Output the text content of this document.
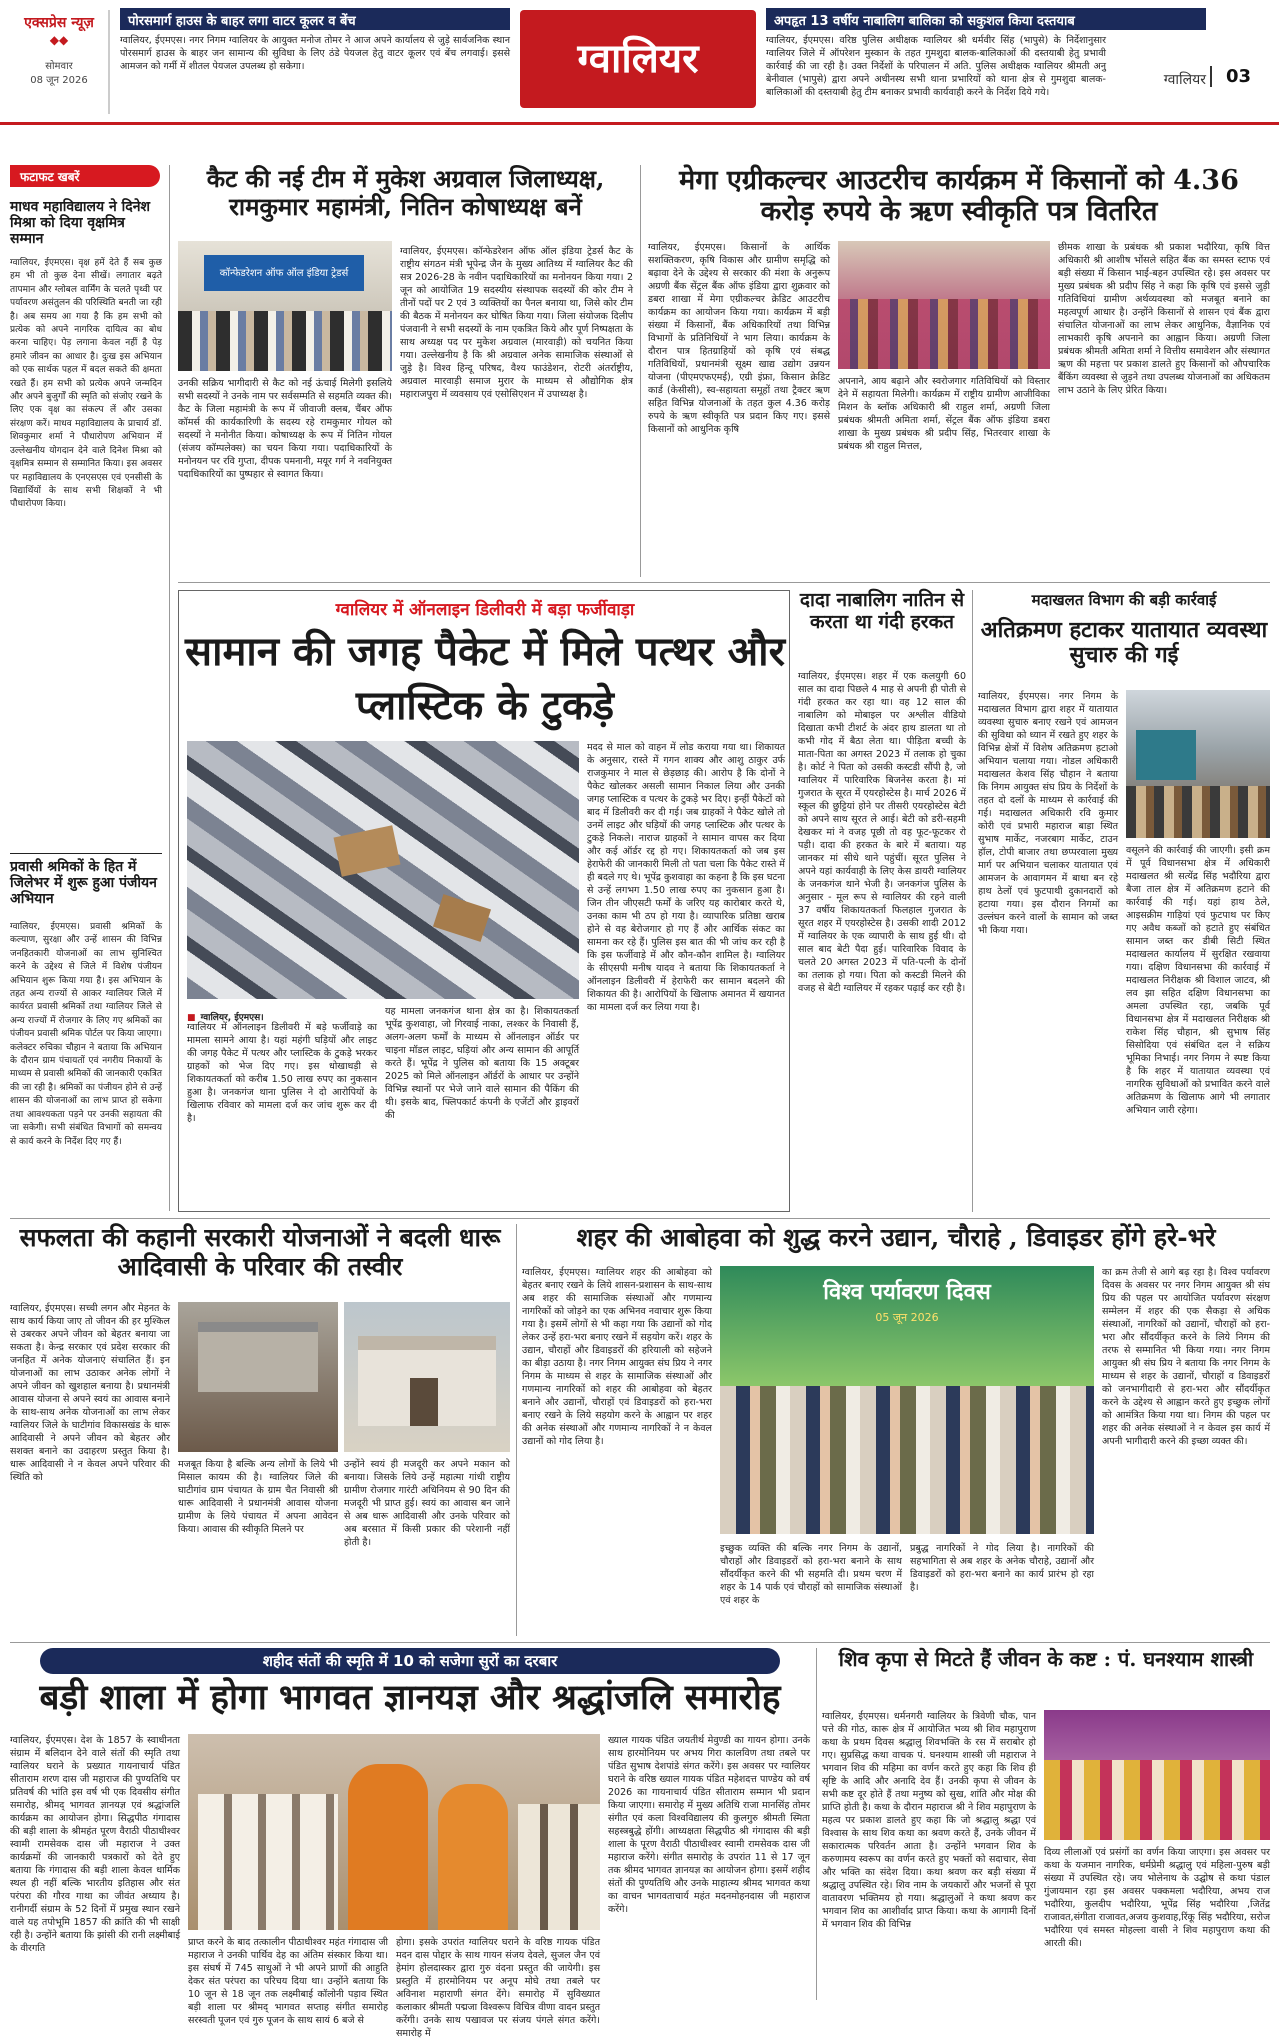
एक्सप्रेस न्यूज़
◆◆
सोमवार
08 जून 2026
पोरसमार्ग हाउस के बाहर लगा वाटर कूलर व बेंच
ग्वालियर, ईएमएस। नगर निगम ग्वालियर के आयुक्त मनोज तोमर ने आज अपने कार्यालय से जुड़े सार्वजनिक स्थान पोरसमार्ग हाउस के बाहर जन सामान्य की सुविधा के लिए ठंडे पेयजल हेतु वाटर कूलर एवं बेंच लगवाई। इससे आमजन को गर्मी में शीतल पेयजल उपलब्ध हो सकेगा।	ग्वालियर
अपहृत 13 वर्षीय नाबालिग बालिका को सकुशल किया दस्तयाब
ग्वालियर, ईएमएस। वरिष्ठ पुलिस अधीक्षक ग्वालियर श्री धर्मवीर सिंह (भापुसे) के निर्देशानुसार ग्वालियर जिले में ऑपरेशन मुस्कान के तहत गुमशुदा बालक-बालिकाओं की दस्तयाबी हेतु प्रभावी कार्रवाई की जा रही है। उक्त निर्देशों के परिपालन में अति. पुलिस अधीक्षक ग्वालियर श्रीमती अनु बेनीवाल (भापुसे) द्वारा अपने अधीनस्थ सभी थाना प्रभारियों को थाना क्षेत्र से गुमशुदा बालक-बालिकाओं की दस्तयाबी हेतु टीम बनाकर प्रभावी कार्यवाही करने के निर्देश दिये गये।
ग्वालियर	03
फटाफट खबरें
माधव महाविद्यालय ने दिनेश मिश्रा को दिया वृक्षमित्र सम्मान
ग्वालियर, ईएमएस। वृक्ष हमें देते हैं सब कुछ हम भी तो कुछ देना सीखें। लगातार बढ़ते तापमान और ग्लोबल वार्मिंग के चलते पृथ्वी पर पर्यावरण असंतुलन की परिस्थिति बनती जा रही है। अब समय आ गया है कि हम सभी को प्रत्येक को अपने नागरिक दायित्व का बोध करना चाहिए। पेड़ लगाना केवल नहीं है पेड़ हमारे जीवन का आधार है। दुःख इस अभियान को एक सार्थक पहल में बदल सकते की क्षमता रखते हैं। हम सभी को प्रत्येक अपने जन्मदिन और अपने बुजुर्गों की स्मृति को संजोए रखने के लिए एक वृक्ष का संकल्प लें और उसका संरक्षण करें। माधव महाविद्यालय के प्राचार्य डॉ. शिवकुमार शर्मा ने पौधारोपण अभियान में उल्लेखनीय योगदान देने वाले दिनेश मिश्रा को वृक्षमित्र सम्मान से सम्मानित किया। इस अवसर पर महाविद्यालय के एनएसएस एवं एनसीसी के विद्यार्थियों के साथ सभी शिक्षकों ने भी पौधारोपण किया।
प्रवासी श्रमिकों के हित में जिलेभर में शुरू हुआ पंजीयन अभियान
ग्वालियर, ईएमएस। प्रवासी श्रमिकों के कल्याण, सुरक्षा और उन्हें शासन की विभिन्न जनहितकारी योजनाओं का लाभ सुनिश्चित करने के उद्देश्य से जिले में विशेष पंजीयन अभियान शुरू किया गया है। इस अभियान के तहत अन्य राज्यों से आकर ग्वालियर जिले में कार्यरत प्रवासी श्रमिकों तथा ग्वालियर जिले से अन्य राज्यों में रोजगार के लिए गए श्रमिकों का पंजीयन प्रवासी श्रमिक पोर्टल पर किया जाएगा। कलेक्टर रुचिका चौहान ने बताया कि अभियान के दौरान ग्राम पंचायतों एवं नगरीय निकायों के माध्यम से प्रवासी श्रमिकों की जानकारी एकत्रित की जा रही है। श्रमिकों का पंजीयन होने से उन्हें शासन की योजनाओं का लाभ प्राप्त हो सकेगा तथा आवश्यकता पड़ने पर उनकी सहायता की जा सकेगी। सभी संबंधित विभागों को समन्वय से कार्य करने के निर्देश दिए गए हैं।
कैट की नई टीम में मुकेश अग्रवाल जिलाध्यक्ष, रामकुमार महामंत्री, नितिन कोषाध्यक्ष बनें
कॉन्फेडरेशन ऑफ ऑल इंडिया ट्रेडर्स
ग्वालियर, ईएमएस। कॉन्फेडरेशन ऑफ ऑल इंडिया ट्रेडर्स कैट के राष्ट्रीय संगठन मंत्री भूपेन्द्र जैन के मुख्य आतिथ्य में ग्वालियर कैट की सत्र 2026-28 के नवीन पदाधिकारियों का मनोनयन किया गया। 2 जून को आयोजित 19 सदस्यीय संस्थापक सदस्यों की कोर टीम ने तीनों पदों पर 2 एवं 3 व्यक्तियों का पैनल बनाया था, जिसे कोर टीम की बैठक में मनोनयन कर घोषित किया गया। जिला संयोजक दिलीप पंजवानी ने सभी सदस्यों के नाम एकत्रित किये और पूर्ण निष्पक्षता के साथ अध्यक्ष पद पर मुकेश अग्रवाल (मारवाड़ी) को चयनित किया गया। उल्लेखनीय है कि श्री अग्रवाल अनेक सामाजिक संस्थाओं से जुड़े है। विश्व हिन्दू परिषद, वैश्य फाउंडेशन, रोटरी अंतर्राष्ट्रीय, अग्रवाल मारवाड़ी समाज मुरार के माध्यम से औद्योगिक क्षेत्र महाराजपुरा में व्यवसाय एवं एसोसिएशन में उपाध्यक्ष है।
उनकी सक्रिय भागीदारी से कैट को नई ऊंचाई मिलेगी इसलिये सभी सदस्यों ने उनके नाम पर सर्वसम्मति से सहमति व्यक्त की। कैट के जिला महामंत्री के रूप में जीवाजी क्लब, चैंबर ऑफ कॉमर्स की कार्यकारिणी के सदस्य रहे रामकुमार गोयल को सदस्यों ने मनोनीत किया। कोषाध्यक्ष के रूप में नितिन गोयल (संजय कॉम्पलेक्स) का चयन किया गया। पदाधिकारियों के मनोनयन पर रवि गुप्ता, दीपक पमनानी, मयूर गर्ग ने नवनियुक्त पदाधिकारियों का पुष्पहार से स्वागत किया।
मेगा एग्रीकल्चर आउटरीच कार्यक्रम में किसानों को 4.36 करोड़ रुपये के ऋण स्वीकृति पत्र वितरित
ग्वालियर, ईएमएस। किसानों के आर्थिक सशक्तिकरण, कृषि विकास और ग्रामीण समृद्धि को बढ़ावा देने के उद्देश्य से सरकार की मंशा के अनुरूप अग्रणी बैंक सेंट्रल बैंक ऑफ इंडिया द्वारा शुक्रवार को डबरा शाखा में मेगा एग्रीकल्चर क्रेडिट आउटरीच कार्यक्रम का आयोजन किया गया। कार्यक्रम में बड़ी संख्या में किसानों, बैंक अधिकारियों तथा विभिन्न विभागों के प्रतिनिधियों ने भाग लिया। कार्यक्रम के दौरान पात्र हितग्राहियों को कृषि एवं संबद्ध गतिविधियों, प्रधानमंत्री सूक्ष्म खाद्य उद्योग उन्नयन योजना (पीएमएफएमई), एग्री इंफ्रा, किसान क्रेडिट कार्ड (केसीसी), स्व-सहायता समूहों तथा ट्रैक्टर ऋण सहित विभिन्न योजनाओं के तहत कुल 4.36 करोड़ रुपये के ऋण स्वीकृति पत्र प्रदान किए गए। इससे किसानों को आधुनिक कृषि
अपनाने, आय बढ़ाने और स्वरोजगार गतिविधियों को विस्तार देने में सहायता मिलेगी। कार्यक्रम में राष्ट्रीय ग्रामीण आजीविका मिशन के ब्लॉक अधिकारी श्री राहुल शर्मा, अग्रणी जिला प्रबंधक श्रीमती अमिता शर्मा, सेंट्रल बैंक ऑफ इंडिया डबरा शाखा के मुख्य प्रबंधक श्री प्रदीप सिंह, भितरवार शाखा के प्रबंधक श्री राहुल मित्तल,
छीमक शाखा के प्रबंधक श्री प्रकाश भदौरिया, कृषि वित्त अधिकारी श्री आशीष भोंसले सहित बैंक का समस्त स्टाफ एवं बड़ी संख्या में किसान भाई-बहन उपस्थित रहे। इस अवसर पर मुख्य प्रबंधक श्री प्रदीप सिंह ने कहा कि कृषि एवं इससे जुड़ी गतिविधियां ग्रामीण अर्थव्यवस्था को मजबूत बनाने का महत्वपूर्ण आधार है। उन्होंने किसानों से शासन एवं बैंक द्वारा संचालित योजनाओं का लाभ लेकर आधुनिक, वैज्ञानिक एवं लाभकारी कृषि अपनाने का आह्वान किया। अग्रणी जिला प्रबंधक श्रीमती अमिता शर्मा ने वित्तीय समावेशन और संस्थागत ऋण की महत्ता पर प्रकाश डालते हुए किसानों को औपचारिक बैंकिंग व्यवस्था से जुड़ने तथा उपलब्ध योजनाओं का अधिकतम लाभ उठाने के लिए प्रेरित किया।
ग्वालियर में ऑनलाइन डिलीवरी में बड़ा फर्जीवाड़ा
सामान की जगह पैकेट में मिले पत्थर और प्लास्टिक के टुकड़े
■ ग्वालियर, ईएमएस।
ग्वालियर में ऑनलाइन डिलीवरी में बड़े फर्जीवाड़े का मामला सामने आया है। यहां महंगी घड़ियों और लाइट की जगह पैकेट में पत्थर और प्लास्टिक के टुकड़े भरकर ग्राहकों को भेज दिए गए। इस धोखाधड़ी से शिकायतकर्ता को करीब 1.50 लाख रुपए का नुकसान हुआ है। जनकगंज थाना पुलिस ने दो आरोपियों के खिलाफ रविवार को मामला दर्ज कर जांच शुरू कर दी है।
यह मामला जनकगंज थाना क्षेत्र का है। शिकायतकर्ता भूपेंद्र कुशवाहा, जो गिरवाई नाका, लश्कर के निवासी हैं, अलग-अलग फर्मों के माध्यम से ऑनलाइन ऑर्डर पर चाइना मॉडल लाइट, घड़ियां और अन्य सामान की आपूर्ति करते हैं। भूपेंद्र ने पुलिस को बताया कि 15 अक्टूबर 2025 को मिले ऑनलाइन ऑर्डरों के आधार पर उन्होंने विभिन्न स्थानों पर भेजे जाने वाले सामान की पैकिंग की थी। इसके बाद, फ्लिपकार्ट कंपनी के एजेंटों और ड्राइवरों की
मदद से माल को वाहन में लोड कराया गया था। शिकायत के अनुसार, रास्ते में गगन शाक्य और आशु ठाकुर उर्फ राजकुमार ने माल से छेड़छाड़ की। आरोप है कि दोनों ने पैकेट खोलकर असली सामान निकाल लिया और उनकी जगह प्लास्टिक व पत्थर के टुकड़े भर दिए। इन्हीं पैकेटों को बाद में डिलीवरी कर दी गई। जब ग्राहकों ने पैकेट खोले तो उनमें लाइट और घड़ियों की जगह प्लास्टिक और पत्थर के टुकड़े निकले। नाराज ग्राहकों ने सामान वापस कर दिया और कई ऑर्डर रद्द हो गए। शिकायतकर्ता को जब इस हेराफेरी की जानकारी मिली तो पता चला कि पैकेट रास्ते में ही बदले गए थे। भूपेंद्र कुशवाहा का कहना है कि इस घटना से उन्हें लगभग 1.50 लाख रुपए का नुकसान हुआ है। जिन तीन जीएसटी फर्मों के जरिए यह कारोबार करते थे, उनका काम भी ठप हो गया है। व्यापारिक प्रतिष्ठा खराब होने से वह बेरोजगार हो गए हैं और आर्थिक संकट का सामना कर रहे हैं। पुलिस इस बात की भी जांच कर रही है कि इस फर्जीवाड़े में और कौन-कौन शामिल है। ग्वालियर के सीएसपी मनीष यादव ने बताया कि शिकायतकर्ता ने ऑनलाइन डिलीवरी में हेराफेरी कर सामान बदलने की शिकायत की है। आरोपियों के खिलाफ अमानत में खयानत का मामला दर्ज कर लिया गया है।
दादा नाबालिग नातिन से करता था गंदी हरकत
ग्वालियर, ईएमएस। शहर में एक कलयुगी 60 साल का दादा पिछले 4 माह से अपनी ही पोती से गंदी हरकत कर रहा था। वह 12 साल की नाबालिग को मोबाइल पर अश्लील वीडियो दिखाता कभी टीशर्ट के अंदर हाथ डालता था तो कभी गोद में बैठा लेता था। पीड़िता बच्ची के माता-पिता का अगस्त 2023 में तलाक हो चुका है। कोर्ट ने पिता को उसकी कस्टडी सौंपी है, जो ग्वालियर में पारिवारिक बिजनेस करता है। मां गुजरात के सूरत में एयरहोस्टेस है। मार्च 2026 में स्कूल की छुट्टियां होने पर तीसरी एयरहोस्टेस बेटी को अपने साथ सूरत ले आई। बेटी को डरी-सहमी देखकर मां ने वजह पूछी तो वह फूट-फूटकर रो पड़ी। दादा की हरकत के बारे में बताया। यह जानकर मां सीधे थाने पहुंचीं। सूरत पुलिस ने अपने यहां कार्यवाही के लिए केस डायरी ग्वालियर के जनकगंज थाने भेजी है। जनकगंज पुलिस के अनुसार - मूल रूप से ग्वालियर की रहने वाली 37 वर्षीय शिकायतकर्ता फिलहाल गुजरात के सूरत शहर में एयरहोस्टेस है। उसकी शादी 2012 में ग्वालियर के एक व्यापारी के साथ हुई थी। दो साल बाद बेटी पैदा हुई। पारिवारिक विवाद के चलते 20 अगस्त 2023 में पति-पत्नी के दोनों का तलाक हो गया। पिता को कस्टडी मिलने की वजह से बेटी ग्वालियर में रहकर पढ़ाई कर रही है।
मदाखलत विभाग की बड़ी कार्रवाई
अतिक्रमण हटाकर यातायात व्यवस्था सुचारु की गई
ग्वालियर, ईएमएस। नगर निगम के मदाखलत विभाग द्वारा शहर में यातायात व्यवस्था सुचारु बनाए रखने एवं आमजन की सुविधा को ध्यान में रखते हुए शहर के विभिन्न क्षेत्रों में विशेष अतिक्रमण हटाओ अभियान चलाया गया। नोडल अधिकारी मदाखलत केशव सिंह चौहान ने बताया कि निगम आयुक्त संघ प्रिय के निर्देशों के तहत दो दलों के माध्यम से कार्रवाई की गई। मदाखलत अधिकारी रवि कुमार कोरी एवं प्रभारी महाराज बाड़ा स्थित सुभाष मार्केट, नजरबाग मार्केट, टाउन हॉल, टोपी बाजार तथा छप्परवाला मुख्य मार्ग पर अभियान चलाकर यातायात एवं आमजन के आवागमन में बाधा बन रहे हाथ ठेलों एवं फुटपाथी दुकानदारों को हटाया गया। इस दौरान निगमों का उल्लंघन करने वालों के सामान को जब्त भी किया गया।
वसूलने की कार्रवाई की जाएगी। इसी क्रम में पूर्व विधानसभा क्षेत्र में अधिकारी मदाखलत श्री सत्येंद्र सिंह भदौरिया द्वारा बैजा ताल क्षेत्र में अतिक्रमण हटाने की कार्रवाई की गई। यहां हाथ ठेले, आइसक्रीम गाड़ियां एवं फुटपाथ पर किए गए अवैध कब्जों को हटाते हुए संबंधित सामान जब्त कर डीबी सिटी स्थित मदाखलत कार्यालय में सुरक्षित रखवाया गया। दक्षिण विधानसभा की कार्रवाई में मदाखलत निरीक्षक श्री विशाल जाटव, श्री लव झा सहित दक्षिण विधानसभा का अमला उपस्थित रहा, जबकि पूर्व विधानसभा क्षेत्र में मदाखलत निरीक्षक श्री राकेश सिंह चौहान, श्री सुभाष सिंह सिसोदिया एवं संबंधित दल ने सक्रिय भूमिका निभाई। नगर निगम ने स्पष्ट किया है कि शहर में यातायात व्यवस्था एवं नागरिक सुविधाओं को प्रभावित करने वाले अतिक्रमण के खिलाफ आगे भी लगातार अभियान जारी रहेगा।
सफलता की कहानी सरकारी योजनाओं ने बदली धारू आदिवासी के परिवार की तस्वीर
ग्वालियर, ईएमएस। सच्ची लगन और मेहनत के साथ कार्य किया जाए तो जीवन की हर मुश्किल से उबरकर अपने जीवन को बेहतर बनाया जा सकता है। केन्द्र सरकार एवं प्रदेश सरकार की जनहित में अनेक योजनाएं संचालित हैं। इन योजनाओं का लाभ उठाकर अनेक लोगों ने अपने जीवन को खुशहाल बनाया है। प्रधानमंत्री आवास योजना से अपने स्वयं का आवास बनाने के साथ-साथ अनेक योजनाओं का लाभ लेकर ग्वालियर जिले के घाटीगांव विकासखंड के धारू आदिवासी ने अपने जीवन को बेहतर और सशक्त बनाने का उदाहरण प्रस्तुत किया है। धारू आदिवासी ने न केवल अपने परिवार की स्थिति को
मजबूत किया है बल्कि अन्य लोगों के लिये भी मिसाल कायम की है। ग्वालियर जिले की घाटीगांव ग्राम पंचायत के ग्राम चैत निवासी श्री धारू आदिवासी ने प्रधानमंत्री आवास योजना ग्रामीण के लिये पंचायत में अपना आवेदन किया। आवास की स्वीकृति मिलने पर
उन्होंने स्वयं ही मजदूरी कर अपने मकान को बनाया। जिसके लिये उन्हें महात्मा गांधी राष्ट्रीय ग्रामीण रोजगार गारंटी अधिनियम से 90 दिन की मजदूरी भी प्राप्त हुई। स्वयं का आवास बन जाने से अब धारू आदिवासी और उनके परिवार को अब बरसात में किसी प्रकार की परेशानी नहीं होती है।
शहर की आबोहवा को शुद्ध करने उद्यान, चौराहे , डिवाइडर होंगे हरे-भरे
ग्वालियर, ईएमएस। ग्वालियर शहर की आबोहवा को बेहतर बनाए रखने के लिये शासन-प्रशासन के साथ-साथ अब शहर की सामाजिक संस्थाओं और गणमान्य नागरिकों को जोड़ने का एक अभिनव नवाचार शुरू किया गया है। इसमें लोगों से भी कहा गया कि उद्यानों को गोद लेकर उन्हें हरा-भरा बनाए रखने में सहयोग करें। शहर के उद्यान, चौराहों और डिवाइडरों की हरियाली को सहेजने का बीड़ा उठाया है। नगर निगम आयुक्त संघ प्रिय ने नगर निगम के माध्यम से शहर के सामाजिक संस्थाओं और गणमान्य नागरिकों को शहर की आबोहवा को बेहतर बनाने और उद्यानों, चौराहों एवं डिवाइडरों को हरा-भरा बनाए रखने के लिये सहयोग करने के आह्वान पर शहर की अनेक संस्थाओं और गणमान्य नागरिकों ने न केवल उद्यानों को गोद लिया है।
विश्व पर्यावरण दिवस
05 जून 2026
इच्छुक व्यक्ति की बल्कि नगर निगम के उद्यानों, चौराहों और डिवाइडरों को हरा-भरा बनाने के साथ सौंदर्यीकृत करने की भी सहमति दी। प्रथम चरण में शहर के 14 पार्क एवं चौराहों को सामाजिक संस्थाओं एवं शहर के
प्रबुद्ध नागरिकों ने गोद लिया है। नागरिकों की सहभागिता से अब शहर के अनेक चौराहे, उद्यानों और डिवाइडरों को हरा-भरा बनाने का कार्य प्रारंभ हो रहा है।
का क्रम तेजी से आगे बढ़ रहा है। विश्व पर्यावरण दिवस के अवसर पर नगर निगम आयुक्त श्री संघ प्रिय की पहल पर आयोजित पर्यावरण संरक्षण सम्मेलन में शहर की एक सैकड़ा से अधिक संस्थाओं, नागरिकों को उद्यानों, चौराहों को हरा-भरा और सौंदर्यीकृत करने के लिये निगम की तरफ से सम्मानित भी किया गया। नगर निगम आयुक्त श्री संघ प्रिय ने बताया कि नगर निगम के माध्यम से शहर के उद्यानों, चौराहों व डिवाइडरों को जनभागीदारी से हरा-भरा और सौंदर्यीकृत करने के उद्देश्य से आह्वान करते हुए इच्छुक लोगों को आमंत्रित किया गया था। निगम की पहल पर शहर की अनेक संस्थाओं ने न केवल इस कार्य में अपनी भागीदारी करने की इच्छा व्यक्त की।
शहीद संतों की स्मृति में 10 को सजेगा सुरों का दरबार
बड़ी शाला में होगा भागवत ज्ञानयज्ञ और श्रद्धांजलि समारोह
ग्वालियर, ईएमएस। देश के 1857 के स्वाधीनता संग्राम में बलिदान देने वाले संतों की स्मृति तथा ग्वालियर घराने के प्रख्यात गायनाचार्य पंडित सीताराम शरण दास जी महाराज की पुण्यतिथि पर प्रतिवर्ष की भांति इस वर्ष भी एक दिवसीय संगीत समारोह, श्रीमद् भागवत ज्ञानयज्ञ एवं श्रद्धांजलि कार्यक्रम का आयोजन होगा। सिद्धपीठ गंगादास की बड़ी शाला के श्रीमहंत पूरण वैराठी पीठाधीश्वर स्वामी रामसेवक दास जी महाराज ने उक्त कार्यक्रमों की जानकारी पत्रकारों को देते हुए बताया कि गंगादास की बड़ी शाला केवल धार्मिक स्थल ही नहीं बल्कि भारतीय इतिहास और संत परंपरा की गौरव गाथा का जीवंत अध्याय है। रानीगर्दी संग्राम के 52 दिनों में प्रमुख स्थान रखने वाले यह तपोभूमि 1857 की क्रांति की भी साक्षी रही है। उन्होंने बताया कि झांसी की रानी लक्ष्मीबाई के वीरगति
प्राप्त करने के बाद तत्कालीन पीठाधीश्वर महंत गंगादास जी महाराज ने उनकी पार्थिव देह का अंतिम संस्कार किया था। इस संघर्ष में 745 साधुओं ने भी अपने प्राणों की आहुति देकर संत परंपरा का परिचय दिया था। उन्होंने बताया कि 10 जून से 18 जून तक लक्ष्मीबाई कॉलोनी पड़ाव स्थित बड़ी शाला पर श्रीमद् भागवत सप्ताह संगीत समारोह सरस्वती पूजन एवं गुरु पूजन के साथ सायं 6 बजे से
होगा। इसके उपरांत ग्वालियर घराने के वरिष्ठ गायक पंडित मदन दास पोद्दार के साथ गायन संजय देवले, सुजल जैन एवं हेमांग होलदास्कर द्वारा गुरु वंदना प्रस्तुत की जायेगी। इस प्रस्तुति में हारमोनियम पर अनूप मोघे तथा तबले पर अविनाश महाराणी संगत देंगे। समारोह में सुविख्यात कलाकार श्रीमती पद्मजा विश्वरूप विचित्र वीणा वादन प्रस्तुत करेंगी। उनके साथ पखावज पर संजय पंगले संगत करेंगे। समारोह में
ख्याल गायक पंडित जयतीर्थ मेवुण्डी का गायन होगा। उनके साथ हारमोनियम पर अभय गिरा कालविण तथा तबले पर पंडित सुभाष देशपांडे संगत करेंगे। इस अवसर पर ग्वालियर घराने के वरिष्ठ ख्याल गायक पंडित महेशदत्त पाण्डेय को वर्ष 2026 का गायनाचार्य पंडित सीताराम सम्मान भी प्रदान किया जाएगा। समारोह में मुख्य अतिथि राजा मानसिंह तोमर संगीत एवं कला विश्वविद्यालय की कुलगुरु श्रीमती स्मिता सहस्त्रबुद्धे होंगी। आध्यक्षता सिद्धपीठ श्री गंगादास की बड़ी शाला के पूरण वैराठी पीठाधीश्वर स्वामी रामसेवक दास जी महाराज करेंगे। संगीत समारोह के उपरांत 11 से 17 जून तक श्रीमद भागवत ज्ञानयज्ञ का आयोजन होगा। इसमें शहीद संतों की पुण्यतिथि और उनके माहात्म्य श्रीमद भागवत कथा का वाचन भागवताचार्य महंत मदनमोहनदास जी महाराज करेंगे।
शिव कृपा से मिटते हैं जीवन के कष्ट : पं. घनश्याम शास्त्री
ग्वालियर, ईएमएस। धर्मनगरी ग्वालियर के त्रिवेणी चौक, पान पत्ते की गोठ, कारू क्षेत्र में आयोजित भव्य श्री शिव महापुराण कथा के प्रथम दिवस श्रद्धालु शिवभक्ति के रस में सराबोर हो गए। सुप्रसिद्ध कथा वाचक पं. घनश्याम शास्त्री जी महाराज ने भगवान शिव की महिमा का वर्णन करते हुए कहा कि शिव ही सृष्टि के आदि और अनादि देव हैं। उनकी कृपा से जीवन के सभी कष्ट दूर होते हैं तथा मनुष्य को सुख, शांति और मोक्ष की प्राप्ति होती है। कथा के दौरान महाराज श्री ने शिव महापुराण के महत्व पर प्रकाश डालते हुए कहा कि जो श्रद्धालु श्रद्धा एवं विश्वास के साथ शिव कथा का श्रवण करते हैं, उनके जीवन में सकारात्मक परिवर्तन आता है। उन्होंने भगवान शिव के करुणामय स्वरूप का वर्णन करते हुए भक्तों को सदाचार, सेवा और भक्ति का संदेश दिया। कथा श्रवण कर बड़ी संख्या में श्रद्धालु उपस्थित रहे। शिव नाम के जयकारों और भजनों से पूरा वातावरण भक्तिमय हो गया। श्रद्धालुओं ने कथा श्रवण कर भगवान शिव का आशीर्वाद प्राप्त किया। कथा के आगामी दिनों में भगवान शिव की विभिन्न
दिव्य लीलाओं एवं प्रसंगों का वर्णन किया जाएगा। इस अवसर पर कथा के यजमान नागरिक, धर्मप्रेमी श्रद्धालु एवं महिला-पुरुष बड़ी संख्या में उपस्थित रहे। जय भोलेनाथ के उद्घोष से कथा पंडाल गुंजायमान रहा इस अवसर पक्कमला भदौरिया, अभय राज भदौरिया, कुलदीप भदौरिया, भूपेंद्र सिंह भदौरिया ,जितेंद्र राजावत,संगीता राजावत,अजय कुशवाह,रिंकू सिंह भदौरिया, सरोज भदौरिया एवं समस्त मोहल्ला वासी ने शिव महापुराण कथा की आरती की।
